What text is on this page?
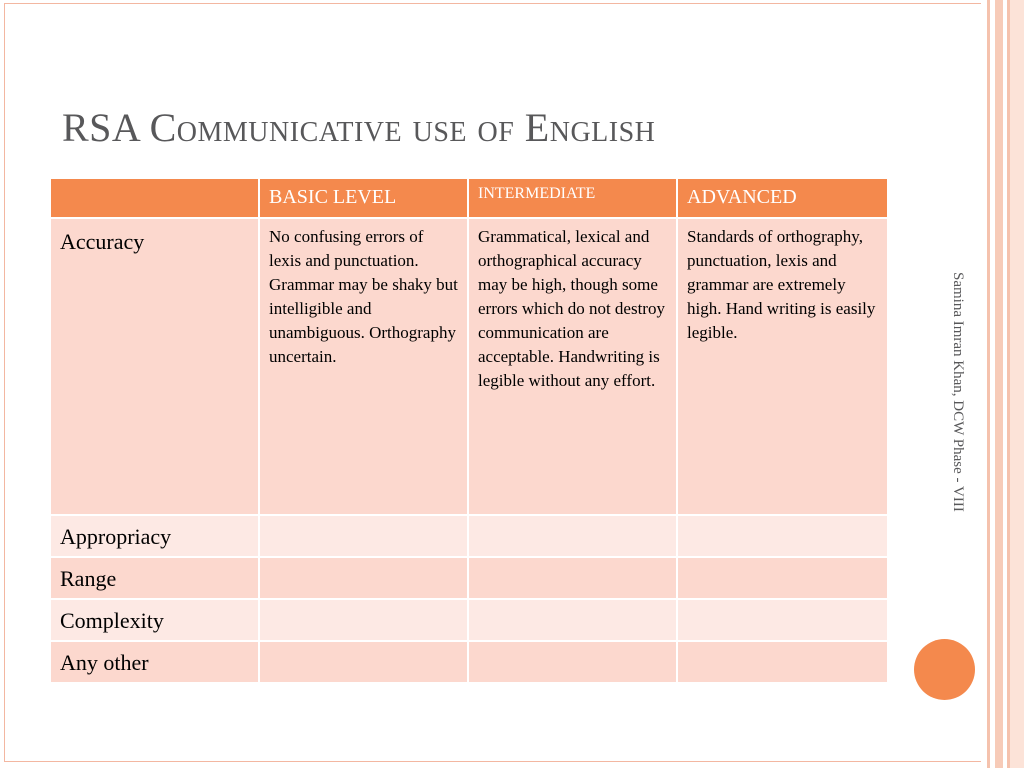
RSA Communicative use of English
	BASIC LEVEL	INTERMEDIATE	ADVANCED
Accuracy	No confusing errors of lexis and punctuation. Grammar may be shaky but intelligible and unambiguous. Orthography uncertain.	Grammatical, lexical and orthographical accuracy may be high, though some errors which do not destroy communication are acceptable. Handwriting is legible without any effort.	Standards of orthography, punctuation, lexis and grammar are extremely high. Hand writing is easily legible.
Appropriacy			
Range			
Complexity			
Any other			
Samina Imran Khan, DCW Phase - VIII
